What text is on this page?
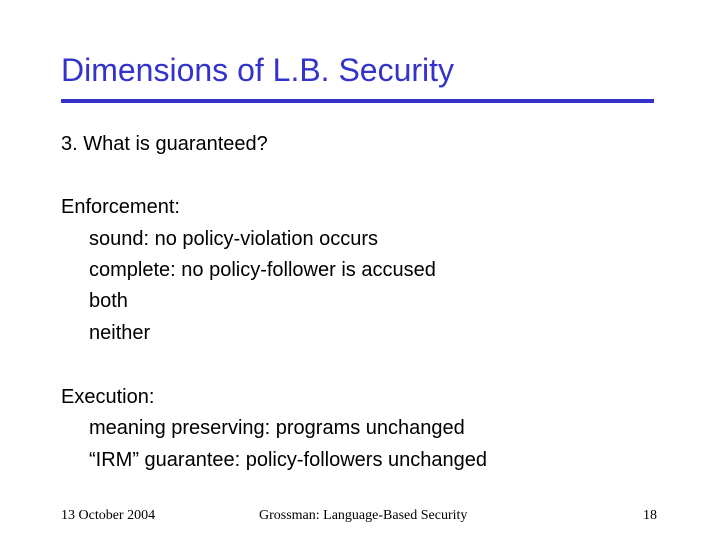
Dimensions of L.B. Security
3. What is guaranteed?
Enforcement:
sound: no policy-violation occurs
complete: no policy-follower is accused
both
neither
Execution:
meaning preserving: programs unchanged
“IRM” guarantee: policy-followers unchanged
13 October 2004	Grossman: Language-Based Security	18
